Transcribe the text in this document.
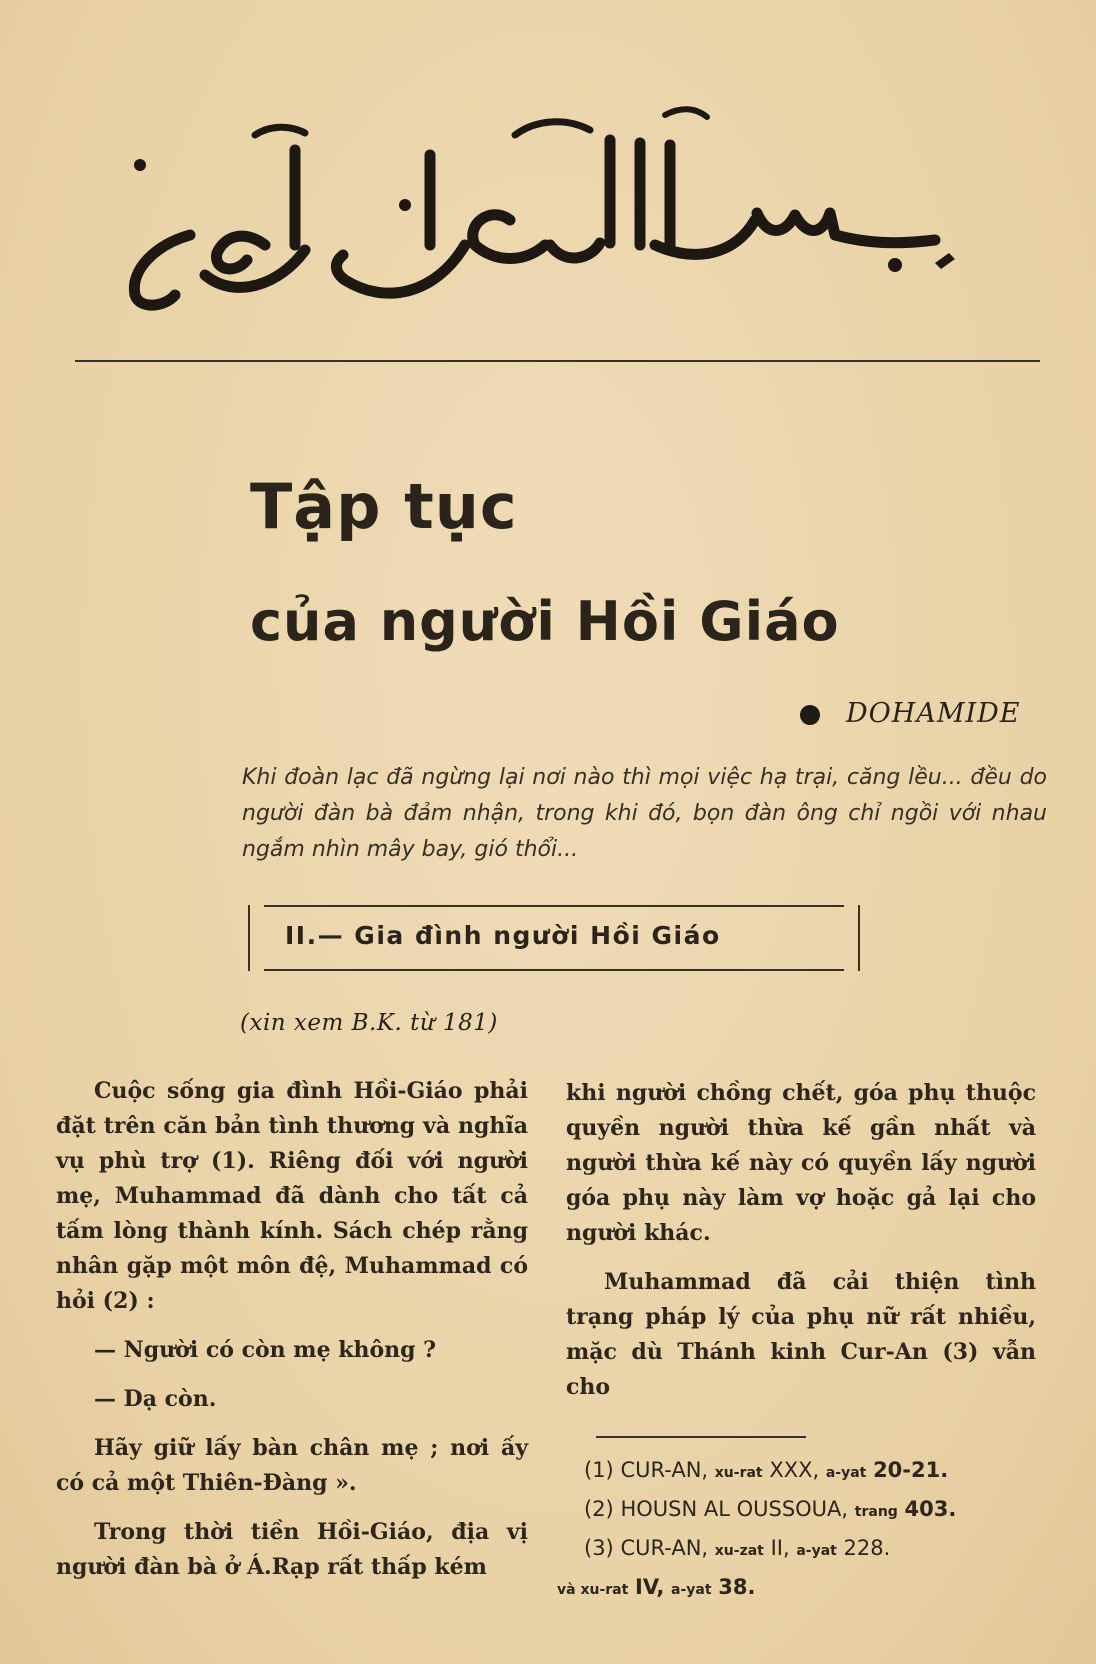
Tập tục
của người Hồi Giáo
DOHAMIDE
Khi đoàn lạc đã ngừng lại nơi nào thì mọi việc hạ trại, căng lều... đều do người đàn bà đảm nhận, trong khi đó, bọn đàn ông chỉ ngồi với nhau ngắm nhìn mây bay, gió thổi...
II.— Gia đình người Hồi Giáo
(xin xem B.K. từ 181)

Cuộc sống gia đình Hồi-Giáo phải đặt trên căn bản tình thương và nghĩa vụ phù trợ (1). Riêng đối với người mẹ, Muhammad đã dành cho tất cả tấm lòng thành kính. Sách chép rằng nhân gặp một môn đệ, Muhammad có hỏi (2) :

— Người có còn mẹ không ?

— Dạ còn.

Hãy giữ lấy bàn chân mẹ ; nơi ấy có cả một Thiên-Đàng ».

Trong thời tiền Hồi-Giáo, địa vị người đàn bà ở Á.Rạp rất thấp kém

khi người chồng chết, góa phụ thuộc quyền người thừa kế gần nhất và người thừa kế này có quyền lấy người góa phụ này làm vợ hoặc gả lại cho người khác.

Muhammad đã cải thiện tình trạng pháp lý của phụ nữ rất nhiều, mặc dù Thánh kinh Cur-An (3) vẫn cho

(1) CUR-AN, xu-rat XXX, a-yat 20-21.
(2) HOUSN AL OUSSOUA, trang 403.
(3) CUR-AN, xu-zat II, a-yat 228.
và xu-rat IV, a-yat 38.
